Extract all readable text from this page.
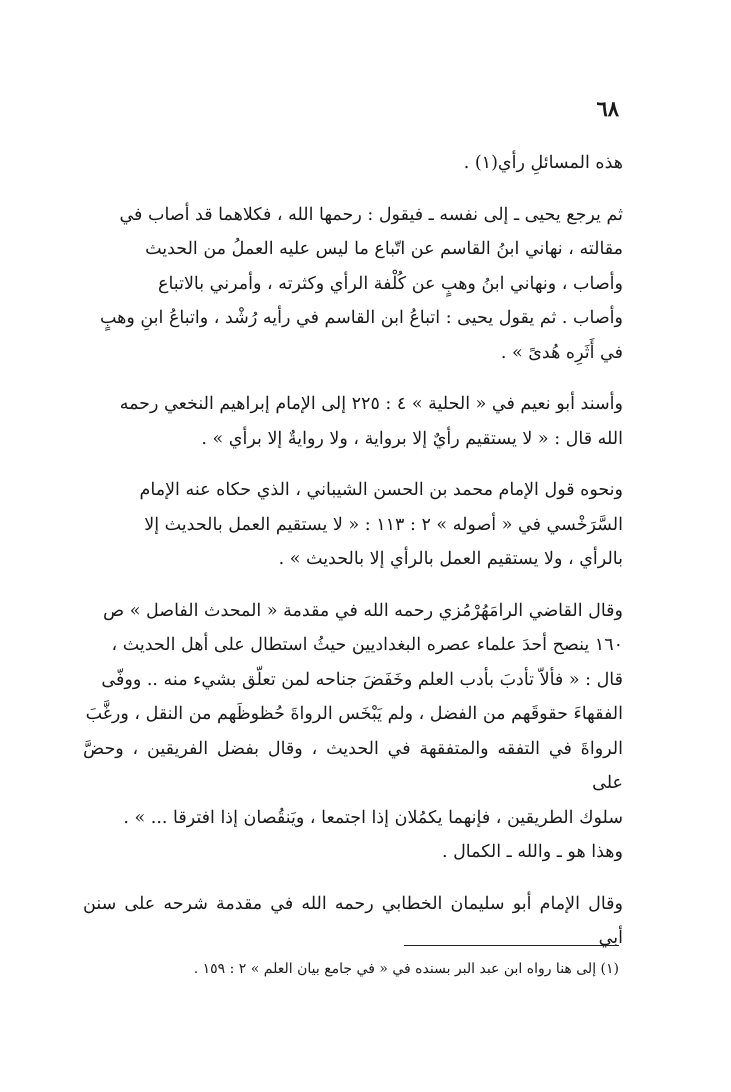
٦٨

هذه المسائلِ رأي(١) .

ثم يرجع يحيى ـ إلى نفسه ـ فيقول : رحمها الله ، فكلاهما قد أصاب في
مقالته ، نهاني ابنُ القاسم عن اتّباع ما ليس عليه العملُ من الحديث
وأصاب ، ونهاني ابنُ وهبٍ عن كُلْفة الرأي وكثرته ، وأمرني بالاتباع
وأصاب . ثم يقول يحيى : اتباعُ ابن القاسم في رأيه رُشْد ، واتباعُ ابنِ وهبٍ
في أَثَرِه هُدىً » .

وأسند أبو نعيم في « الحلية » ٤ : ٢٢٥ إلى الإمام إبراهيم النخعي رحمه
الله قال : « لا يستقيم رأيٌ إلا برواية ، ولا روايةٌ إلا برأي » .

ونحوه قول الإمام محمد بن الحسن الشيباني ، الذي حكاه عنه الإمام
السَّرَخْسي في « أصوله » ٢ : ١١٣ : « لا يستقيم العمل بالحديث إلا
بالرأي ، ولا يستقيم العمل بالرأي إلا بالحديث » .

وقال القاضي الرامَهُرْمُزي رحمه الله في مقدمة « المحدث الفاصل » ص
١٦٠ ينصح أحدَ علماء عصره البغداديين حيثُ استطال على أهل الحديث ،
قال : « فألاّ تأدبَ بأدب العلم وخَفَضَ جناحه لمن تعلّق بشيء منه .. ووفّى
الفقهاءَ حقوقَهم من الفضل ، ولم يَبْخَس الرواةَ حُظوظَهم من النقل ، ورغَّبَ
الرواةَ في التفقه والمتفقهة في الحديث ، وقال بفضل الفريقين ، وحضَّ على
سلوك الطريقين ، فإنهما يكمُلان إذا اجتمعا ، ويَنقُصان إذا افترقا ... » .
وهذا هو ـ والله ـ الكمال .

وقال الإمام أبو سليمان الخطابي رحمه الله في مقدمة شرحه على سنن أبي

(١) إلى هنا رواه ابن عبد البر بسنده في « في جامع بيان العلم » ٢ : ١٥٩ .
